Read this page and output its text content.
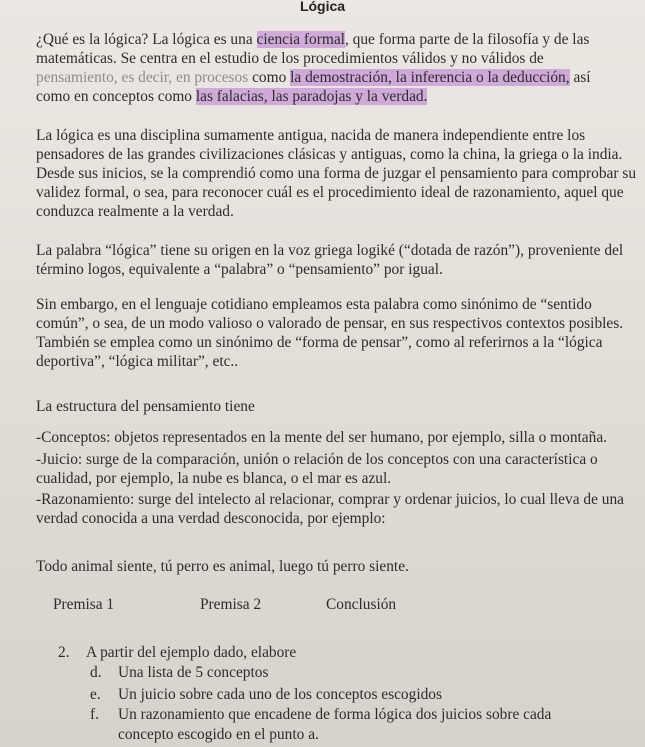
Lógica

¿Qué es la lógica? La lógica es una ciencia formal, que forma parte de la filosofía y de las
matemáticas. Se centra en el estudio de los procedimientos válidos y no válidos de
pensamiento, es decir, en procesos como la demostración, la inferencia o la deducción, así
como en conceptos como las falacias, las paradojas y la verdad.

La lógica es una disciplina sumamente antigua, nacida de manera independiente entre los pensadores de las grandes civilizaciones clásicas y antiguas, como la china, la griega o la india. Desde sus inicios, se la comprendió como una forma de juzgar el pensamiento para comprobar su validez formal, o sea, para reconocer cuál es el procedimiento ideal de razonamiento, aquel que conduzca realmente a la verdad.

La palabra “lógica” tiene su origen en la voz griega logiké (“dotada de razón”), proveniente del término logos, equivalente a “palabra” o “pensamiento” por igual.

Sin embargo, en el lenguaje cotidiano empleamos esta palabra como sinónimo de “sentido común”, o sea, de un modo valioso o valorado de pensar, en sus respectivos contextos posibles. También se emplea como un sinónimo de “forma de pensar”, como al referirnos a la “lógica deportiva”, “lógica militar”, etc..

La estructura del pensamiento tiene

-Conceptos: objetos representados en la mente del ser humano, por ejemplo, silla o montaña.

-Juicio: surge de la comparación, unión o relación de los conceptos con una característica o cualidad, por ejemplo, la nube es blanca, o el mar es azul.

-Razonamiento: surge del intelecto al relacionar, comprar y ordenar juicios, lo cual lleva de una verdad conocida a una verdad desconocida, por ejemplo:

Todo animal siente, tú perro es animal, luego tú perro siente.

Premisa 1	Premisa 2	Conclusión
2. A partir del ejemplo dado, elabore
d. Una lista de 5 conceptos
e. Un juicio sobre cada uno de los conceptos escogidos
f. Un razonamiento que encadene de forma lógica dos juicios sobre cada
concepto escogido en el punto a.
